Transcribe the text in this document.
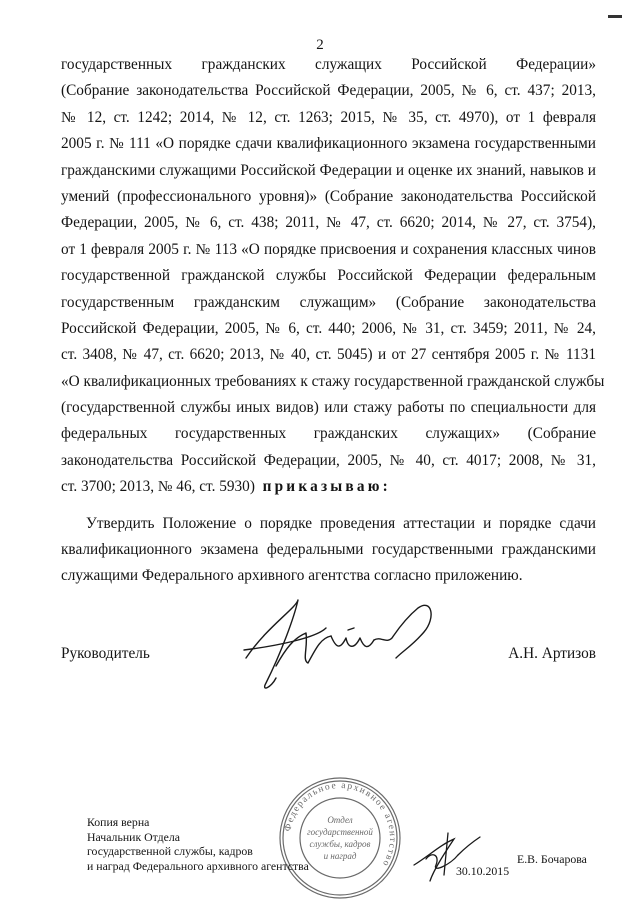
2
государственных гражданских служащих Российской Федерации»
(Собрание законодательства Российской Федерации, 2005, № 6, ст. 437; 2013,
№ 12, ст. 1242; 2014, № 12, ст. 1263; 2015, № 35, ст. 4970), от 1 февраля
2005 г. № 111 «О порядке сдачи квалификационного экзамена государственными
гражданскими служащими Российской Федерации и оценке их знаний, навыков и
умений (профессионального уровня)» (Собрание законодательства Российской
Федерации, 2005, № 6, ст. 438; 2011, № 47, ст. 6620; 2014, № 27, ст. 3754),
от 1 февраля 2005 г. № 113 «О порядке присвоения и сохранения классных чинов
государственной гражданской службы Российской Федерации федеральным
государственным гражданским служащим» (Собрание законодательства
Российской Федерации, 2005, № 6, ст. 440; 2006, № 31, ст. 3459; 2011, № 24,
ст. 3408, № 47, ст. 6620; 2013, № 40, ст. 5045) и от 27 сентября 2005 г. № 1131
«О квалификационных требованиях к стажу государственной гражданской службы
(государственной службы иных видов) или стажу работы по специальности для
федеральных государственных гражданских служащих» (Собрание
законодательства Российской Федерации, 2005, № 40, ст. 4017; 2008, № 31,
ст. 3700; 2013, № 46, ст. 5930) приказываю:
Утвердить Положение о порядке проведения аттестации и порядке сдачи
квалификационного экзамена федеральными государственными гражданскими
служащими Федерального архивного агентства согласно приложению.
Руководитель	А.Н. Артизов
Федеральное архивное агентство
Отдел
государственной
службы, кадров
и наград
Копия верна
Начальник Отдела
государственной службы, кадров
и наград Федерального архивного агентства	30.10.2015
Е.В. Бочарова
